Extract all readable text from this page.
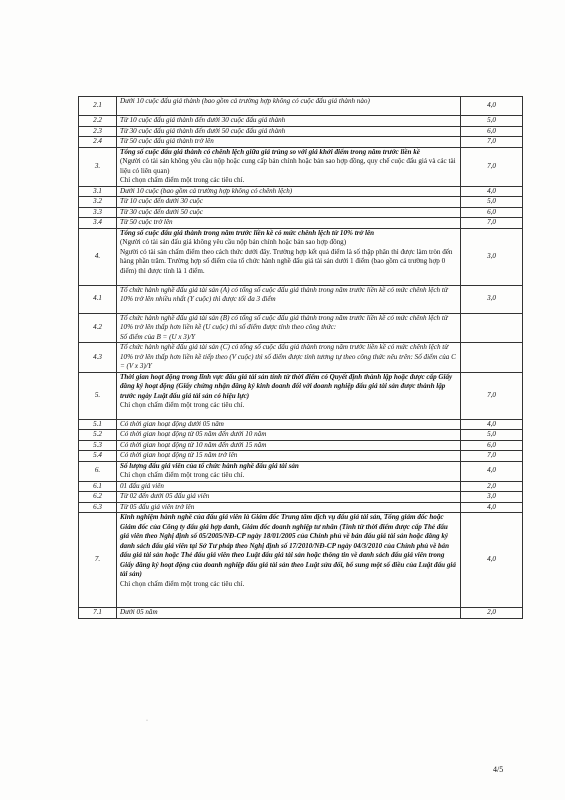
2.1	Dưới 10 cuộc đấu giá thành (bao gồm cả trường hợp không có cuộc đấu giá thành nào)	4,0
2.2	Từ 10 cuộc đấu giá thành đến dưới 30 cuộc đấu giá thành	5,0
2.3	Từ 30 cuộc đấu giá thành đến dưới 50 cuộc đấu giá thành	6,0
2.4	Từ 50 cuộc đấu giá thành trở lên	7,0
3.	Tổng số cuộc đấu giá thành có chênh lệch giữa giá trúng so với giá khởi điểm trong năm trước liền kề

(Người có tài sản không yêu cầu nộp hoặc cung cấp bản chính hoặc bản sao hợp đồng, quy chế cuộc đấu giá và các tài liệu có liên quan)

Chỉ chọn chấm điểm một trong các tiêu chí.	7,0
3.1	Dưới 10 cuộc (bao gồm cả trường hợp không có chênh lệch)	4,0
3.2	Từ 10 cuộc đến dưới 30 cuộc	5,0
3.3	Từ 30 cuộc đến dưới 50 cuộc	6,0
3.4	Từ 50 cuộc trở lên	7,0
4.	Tổng số cuộc đấu giá thành trong năm trước liền kề có mức chênh lệch từ 10% trở lên

(Người có tài sản đấu giá không yêu cầu nộp bản chính hoặc bản sao hợp đồng)

Người có tài sản chấm điểm theo cách thức dưới đây. Trường hợp kết quả điểm là số thập phân thì được làm tròn đến hàng phần trăm. Trường hợp số điểm của tổ chức hành nghề đấu giá tài sản dưới 1 điểm (bao gồm cả trường hợp 0 điểm) thì được tính là 1 điểm.	3,0
4.1	Tổ chức hành nghề đấu giá tài sản (A) có tổng số cuộc đấu giá thành trong năm trước liền kề có mức chênh lệch từ 10% trở lên nhiều nhất (Y cuộc) thì được tối đa 3 điểm	3,0
4.2	Tổ chức hành nghề đấu giá tài sản (B) có tổng số cuộc đấu giá thành trong năm trước liền kề có mức chênh lệch từ 10% trở lên thấp hơn liền kề (U cuộc) thì số điểm được tính theo công thức:

Số điểm của B = (U x 3)/Y	

4.3	Tổ chức hành nghề đấu giá tài sản (C) có tổng số cuộc đấu giá thành trong năm trước liền kề có mức chênh lệch từ 10% trở lên thấp hơn liền kề tiếp theo (V cuộc) thì số điểm được tính tương tự theo công thức nêu trên: Số điểm của C = (V x 3)/Y	

5.	Thời gian hoạt động trong lĩnh vực đấu giá tài sản tính từ thời điểm có Quyết định thành lập hoặc được cấp Giấy đăng ký hoạt động (Giấy chứng nhận đăng ký kinh doanh đối với doanh nghiệp đấu giá tài sản được thành lập trước ngày Luật đấu giá tài sản có hiệu lực)

Chỉ chọn chấm điểm một trong các tiêu chí.	7,0
5.1	Có thời gian hoạt động dưới 05 năm	4,0
5.2	Có thời gian hoạt động từ 05 năm đến dưới 10 năm	5,0
5.3	Có thời gian hoạt động từ 10 năm đến dưới 15 năm	6,0
5.4	Có thời gian hoạt động từ 15 năm trở lên	7,0
6.	Số lượng đấu giá viên của tổ chức hành nghề đấu giá tài sản

Chỉ chọn chấm điểm một trong các tiêu chí.	4,0
6.1	01 đấu giá viên	2,0
6.2	Từ 02 đến dưới 05 đấu giá viên	3,0
6.3	Từ 05 đấu giá viên trở lên	4,0
7.	Kinh nghiệm hành nghề của đấu giá viên là Giám đốc Trung tâm dịch vụ đấu giá tài sản, Tổng giám đốc hoặc Giám đốc của Công ty đấu giá hợp danh, Giám đốc doanh nghiệp tư nhân (Tính từ thời điểm được cấp Thẻ đấu giá viên theo Nghị định số 05/2005/NĐ-CP ngày 18/01/2005 của Chính phủ về bán đấu giá tài sản hoặc đăng ký danh sách đấu giá viên tại Sở Tư pháp theo Nghị định số 17/2010/NĐ-CP ngày 04/3/2010 của Chính phủ về bán đấu giá tài sản hoặc Thẻ đấu giá viên theo Luật đấu giá tài sản hoặc thông tin về danh sách đấu giá viên trong Giấy đăng ký hoạt động của doanh nghiệp đấu giá tài sản theo Luật sửa đổi, bổ sung một số điều của Luật đấu giá tài sản)

Chỉ chọn chấm điểm một trong các tiêu chí.	4,0
7.1	Dưới 05 năm	2,0
·
4/5
